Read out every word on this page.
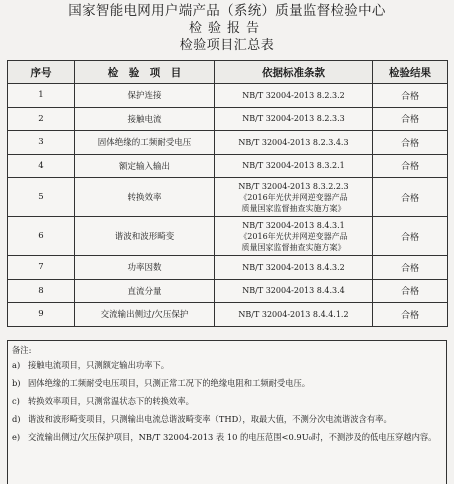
国家智能电网用户端产品（系统）质量监督检验中心
检验报告
检验项目汇总表
序号	检　验　项　目	依据标准条款	检验结果
1	保护连接	NB/T 32004-2013 8.2.3.2	合格
2	接触电流	NB/T 32004-2013 8.2.3.3	合格
3	固体绝缘的工频耐受电压	NB/T 32004-2013 8.2.3.4.3	合格
4	额定输入输出	NB/T 32004-2013 8.3.2.1	合格
5	转换效率	NB/T 32004-2013 8.3.2.2.3
《2016年光伏并网逆变器产品
质量国家监督抽查实施方案》	合格
6	谐波和波形畸变	NB/T 32004-2013 8.4.3.1
《2016年光伏并网逆变器产品
质量国家监督抽查实施方案》	合格
7	功率因数	NB/T 32004-2013 8.4.3.2	合格
8	直流分量	NB/T 32004-2013 8.4.3.4	合格
9	交流输出侧过/欠压保护	NB/T 32004-2013 8.4.4.1.2	合格
备注:
a) 接触电流项目，只测额定输出功率下。
b) 固体绝缘的工频耐受电压项目，只测正常工况下的绝缘电阻和工频耐受电压。
c) 转换效率项目，只测常温状态下的转换效率。
d) 谐波和波形畸变项目，只测输出电流总谐波畸变率（THD），取最大值，不测分次电流谐波含有率。
e) 交流输出侧过/欠压保护项目，NB/T 32004-2013 表 10 的电压范围<0.9U₀时，不测涉及的低电压穿越内容。
